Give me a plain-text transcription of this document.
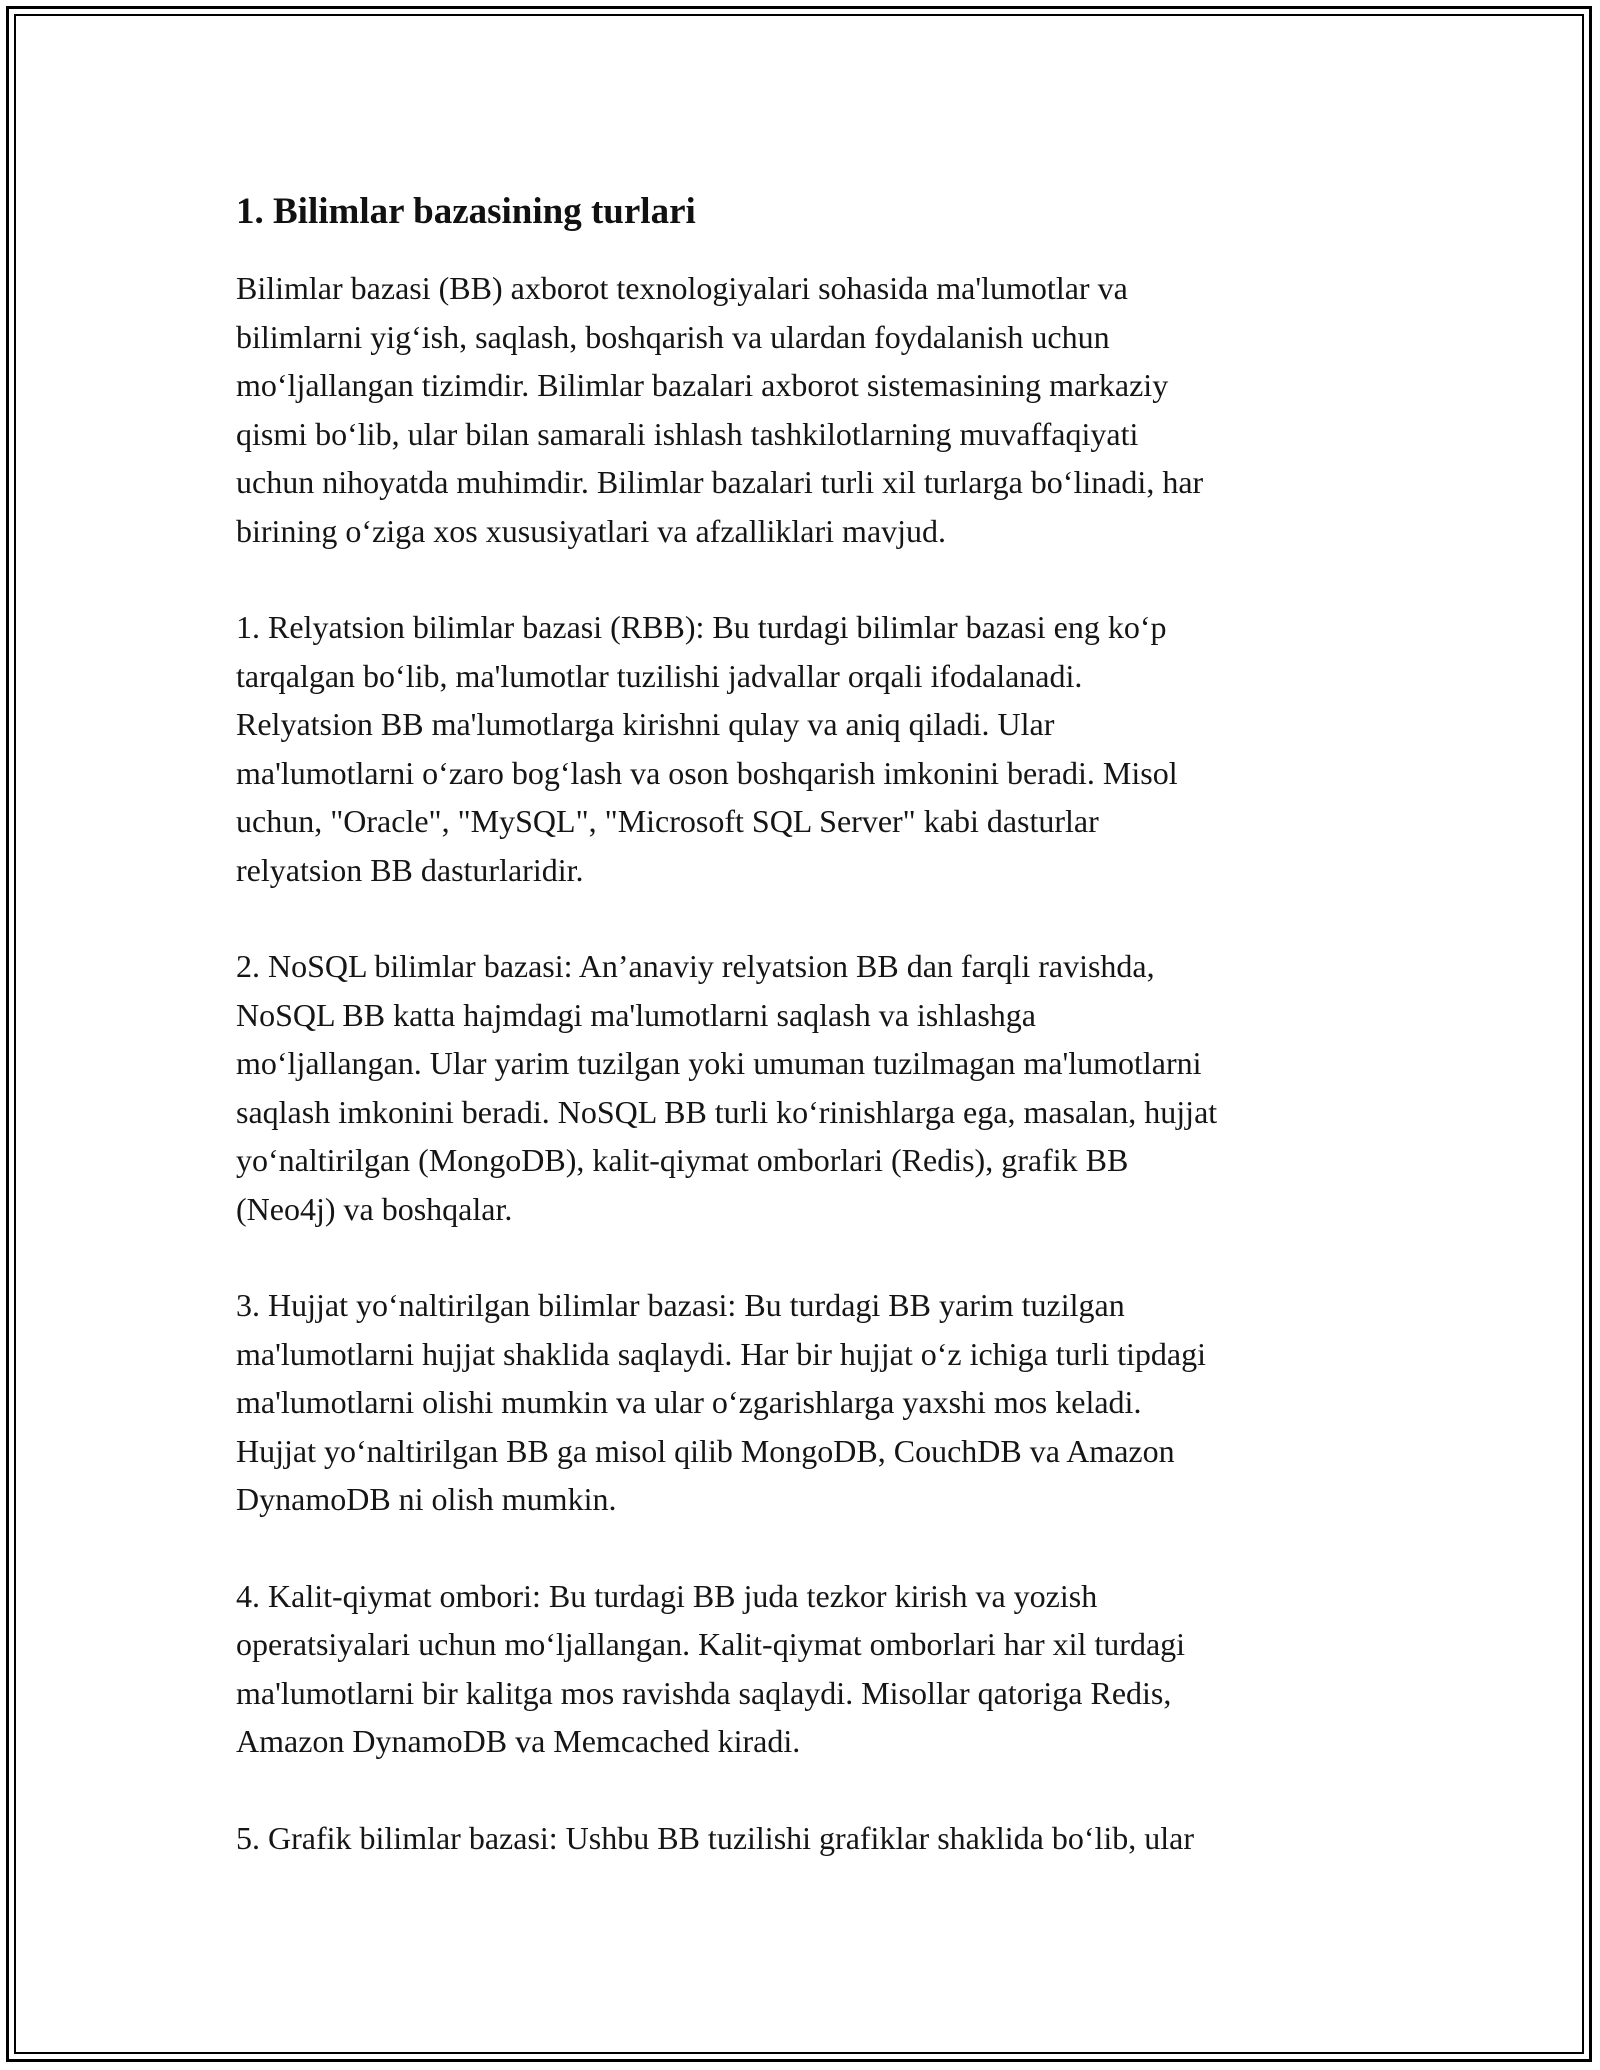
1. Bilimlar bazasining turlari

Bilimlar bazasi (BB) axborot texnologiyalari sohasida ma'lumotlar va
bilimlarni yig‘ish, saqlash, boshqarish va ulardan foydalanish uchun
mo‘ljallangan tizimdir. Bilimlar bazalari axborot sistemasining markaziy
qismi bo‘lib, ular bilan samarali ishlash tashkilotlarning muvaffaqiyati
uchun nihoyatda muhimdir. Bilimlar bazalari turli xil turlarga bo‘linadi, har
birining o‘ziga xos xususiyatlari va afzalliklari mavjud.

1. Relyatsion bilimlar bazasi (RBB): Bu turdagi bilimlar bazasi eng ko‘p
tarqalgan bo‘lib, ma'lumotlar tuzilishi jadvallar orqali ifodalanadi.
Relyatsion BB ma'lumotlarga kirishni qulay va aniq qiladi. Ular
ma'lumotlarni o‘zaro bog‘lash va oson boshqarish imkonini beradi. Misol
uchun, "Oracle", "MySQL", "Microsoft SQL Server" kabi dasturlar
relyatsion BB dasturlaridir.

2. NoSQL bilimlar bazasi: An’anaviy relyatsion BB dan farqli ravishda,
NoSQL BB katta hajmdagi ma'lumotlarni saqlash va ishlashga
mo‘ljallangan. Ular yarim tuzilgan yoki umuman tuzilmagan ma'lumotlarni
saqlash imkonini beradi. NoSQL BB turli ko‘rinishlarga ega, masalan, hujjat
yo‘naltirilgan (MongoDB), kalit-qiymat omborlari (Redis), grafik BB
(Neo4j) va boshqalar.

3. Hujjat yo‘naltirilgan bilimlar bazasi: Bu turdagi BB yarim tuzilgan
ma'lumotlarni hujjat shaklida saqlaydi. Har bir hujjat o‘z ichiga turli tipdagi
ma'lumotlarni olishi mumkin va ular o‘zgarishlarga yaxshi mos keladi.
Hujjat yo‘naltirilgan BB ga misol qilib MongoDB, CouchDB va Amazon
DynamoDB ni olish mumkin.

4. Kalit-qiymat ombori: Bu turdagi BB juda tezkor kirish va yozish
operatsiyalari uchun mo‘ljallangan. Kalit-qiymat omborlari har xil turdagi
ma'lumotlarni bir kalitga mos ravishda saqlaydi. Misollar qatoriga Redis,
Amazon DynamoDB va Memcached kiradi.

5. Grafik bilimlar bazasi: Ushbu BB tuzilishi grafiklar shaklida bo‘lib, ular
